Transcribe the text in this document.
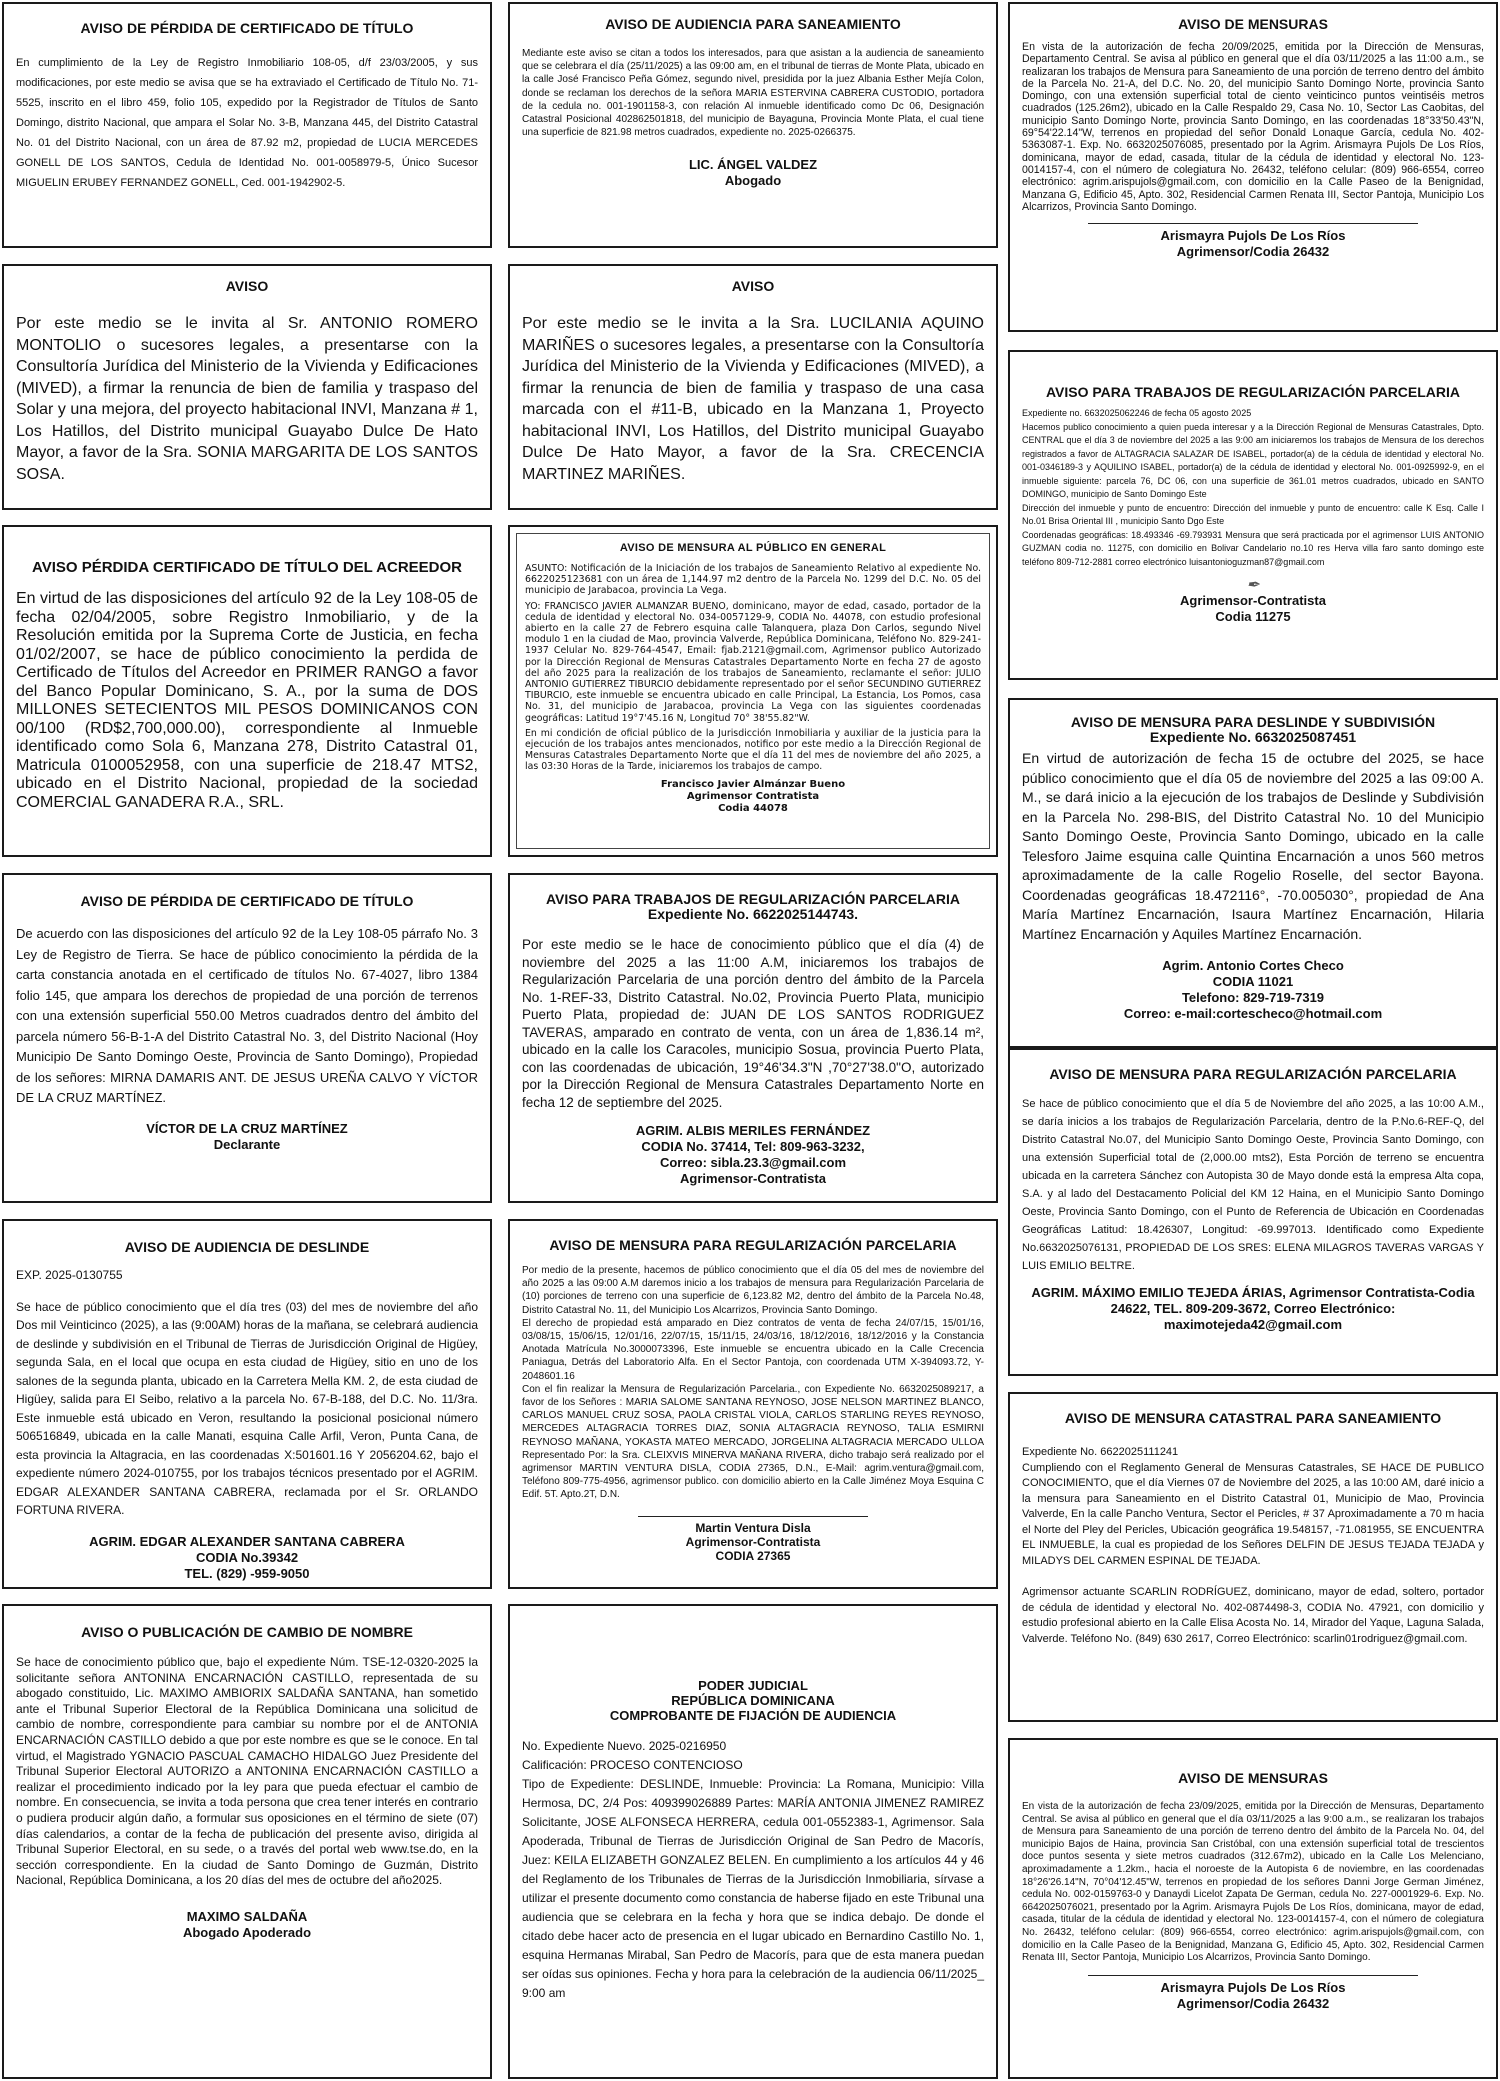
AVISO DE PÉRDIDA DE CERTIFICADO DE TÍTULO

En cumplimiento de la Ley de Registro Inmobiliario 108-05, d/f 23/03/2005, y sus modificaciones, por este medio se avisa que se ha extraviado el Certificado de Título No. 71-5525, inscrito en el libro 459, folio 105, expedido por la Registrador de Títulos de Santo Domingo, distrito Nacional, que ampara el Solar No. 3-B, Manzana 445, del Distrito Catastral No. 01 del Distrito Nacional, con un área de 87.92 m2, propiedad de LUCIA MERCEDES GONELL DE LOS SANTOS, Cedula de Identidad No. 001-0058979-5, Único Sucesor MIGUELIN ERUBEY FERNANDEZ GONELL, Ced. 001-1942902-5.

AVISO

Por este medio se le invita al Sr. ANTONIO ROMERO MONTOLIO o sucesores legales, a presentarse con la Consultoría Jurídica del Ministerio de la Vivienda y Edificaciones (MIVED), a firmar la renuncia de bien de familia y traspaso del Solar y una mejora, del proyecto habitacional INVI, Manzana # 1, Los Hatillos, del Distrito municipal Guayabo Dulce De Hato Mayor, a favor de la Sra. SONIA MARGARITA DE LOS SANTOS SOSA.

AVISO PÉRDIDA CERTIFICADO DE TÍTULO DEL ACREEDOR

En virtud de las disposiciones del artículo 92 de la Ley 108-05 de fecha 02/04/2005, sobre Registro Inmobiliario, y de la Resolución emitida por la Suprema Corte de Justicia, en fecha 01/02/2007, se hace de público conocimiento la perdida de Certificado de Títulos del Acreedor en PRIMER RANGO a favor del Banco Popular Dominicano, S. A., por la suma de DOS MILLONES SETECIENTOS MIL PESOS DOMINICANOS CON 00/100 (RD$2,700,000.00), correspondiente al Inmueble identificado como Sola 6, Manzana 278, Distrito Catastral 01, Matricula 0100052958, con una superficie de 218.47 MTS2, ubicado en el Distrito Nacional, propiedad de la sociedad COMERCIAL GANADERA R.A., SRL.

AVISO DE PÉRDIDA DE CERTIFICADO DE TÍTULO

De acuerdo con las disposiciones del artículo 92 de la Ley 108-05 párrafo No. 3 Ley de Registro de Tierra. Se hace de público conocimiento la pérdida de la carta constancia anotada en el certificado de títulos No. 67-4027, libro 1384 folio 145, que ampara los derechos de propiedad de una porción de terrenos con una extensión superficial 550.00 Metros cuadrados dentro del ámbito del parcela número 56-B-1-A del Distrito Catastral No. 3, del Distrito Nacional (Hoy Municipio De Santo Domingo Oeste, Provincia de Santo Domingo), Propiedad de los señores: MIRNA DAMARIS ANT. DE JESUS UREÑA CALVO Y VÍCTOR DE LA CRUZ MARTÍNEZ.

VÍCTOR DE LA CRUZ MARTÍNEZ
Declarante
AVISO DE AUDIENCIA DE DESLINDE

EXP. 2025-0130755

Se hace de público conocimiento que el día tres (03) del mes de noviembre del año Dos mil Veinticinco (2025), a las (9:00AM) horas de la mañana, se celebrará audiencia de deslinde y subdivisión en el Tribunal de Tierras de Jurisdicción Original de Higüey, segunda Sala, en el local que ocupa en esta ciudad de Higüey, sitio en uno de los salones de la segunda planta, ubicado en la Carretera Mella KM. 2, de esta ciudad de Higüey, salida para El Seibo, relativo a la parcela No. 67-B-188, del D.C. No. 11/3ra. Este inmueble está ubicado en Veron, resultando la posicional posicional número 506516849, ubicada en la calle Manati, esquina Calle Arfil, Veron, Punta Cana, de esta provincia la Altagracia, en las coordenadas X:501601.16 Y 2056204.62, bajo el expediente número 2024-010755, por los trabajos técnicos presentado por el AGRIM. EDGAR ALEXANDER SANTANA CABRERA, reclamada por el Sr. ORLANDO FORTUNA RIVERA.

AGRIM. EDGAR ALEXANDER SANTANA CABRERA
CODIA No.39342
TEL. (829) -959-9050
AVISO O PUBLICACIÓN DE CAMBIO DE NOMBRE

Se hace de conocimiento público que, bajo el expediente Núm. TSE-12-0320-2025 la solicitante señora ANTONINA ENCARNACIÓN CASTILLO, representada de su abogado constituido, Lic. MAXIMO AMBIORIX SALDAÑA SANTANA, han sometido ante el Tribunal Superior Electoral de la República Dominicana una solicitud de cambio de nombre, correspondiente para cambiar su nombre por el de ANTONIA ENCARNACIÓN CASTILLO debido a que por este nombre es que se le conoce. En tal virtud, el Magistrado YGNACIO PASCUAL CAMACHO HIDALGO Juez Presidente del Tribunal Superior Electoral AUTORIZO a ANTONINA ENCARNACIÓN CASTILLO a realizar el procedimiento indicado por la ley para que pueda efectuar el cambio de nombre. En consecuencia, se invita a toda persona que crea tener interés en contrario o pudiera producir algún daño, a formular sus oposiciones en el término de siete (07) días calendarios, a contar de la fecha de publicación del presente aviso, dirigida al Tribunal Superior Electoral, en su sede, o a través del portal web www.tse.do, en la sección correspondiente. En la ciudad de Santo Domingo de Guzmán, Distrito Nacional, República Dominicana, a los 20 días del mes de octubre del año2025.

MAXIMO SALDAÑA
Abogado Apoderado
AVISO DE AUDIENCIA PARA SANEAMIENTO

Mediante este aviso se citan a todos los interesados, para que asistan a la audiencia de saneamiento que se celebrara el día (25/11/2025) a las 09:00 am, en el tribunal de tierras de Monte Plata, ubicado en la calle José Francisco Peña Gómez, segundo nivel, presidida por la juez Albania Esther Mejía Colon, donde se reclaman los derechos de la señora MARIA ESTERVINA CABRERA CUSTODIO, portadora de la cedula no. 001-1901158-3, con relación Al inmueble identificado como Dc 06, Designación Catastral Posicional 402862501818, del municipio de Bayaguna, Provincia Monte Plata, el cual tiene una superficie de 821.98 metros cuadrados, expediente no. 2025-0266375.

LIC. ÁNGEL VALDEZ
Abogado
AVISO

Por este medio se le invita a la Sra. LUCILANIA AQUINO MARIÑES o sucesores legales, a presentarse con la Consultoría Jurídica del Ministerio de la Vivienda y Edificaciones (MIVED), a firmar la renuncia de bien de familia y traspaso de una casa marcada con el #11-B, ubicado en la Manzana 1, Proyecto habitacional INVI, Los Hatillos, del Distrito municipal Guayabo Dulce De Hato Mayor, a favor de la Sra. CRECENCIA MARTINEZ MARIÑES.

AVISO DE MENSURA AL PÚBLICO EN GENERAL

ASUNTO: Notificación de la Iniciación de los trabajos de Saneamiento Relativo al expediente No. 6622025123681 con un área de 1,144.97 m2 dentro de la Parcela No. 1299 del D.C. No. 05 del municipio de Jarabacoa, provincia La Vega.

YO: FRANCISCO JAVIER ALMANZAR BUENO, dominicano, mayor de edad, casado, portador de la cedula de identidad y electoral No. 034-0057129-9, CODIA No. 44078, con estudio profesional abierto en la calle 27 de Febrero esquina calle Talanquera, plaza Don Carlos, segundo Nivel modulo 1 en la ciudad de Mao, provincia Valverde, República Dominicana, Teléfono No. 829-241-1937 Celular No. 829-764-4547, Email: fjab.2121@gmail.com, Agrimensor publico Autorizado por la Dirección Regional de Mensuras Catastrales Departamento Norte en fecha 27 de agosto del año 2025 para la realización de los trabajos de Saneamiento, reclamante el señor: JULIO ANTONIO GUTIERREZ TIBURCIO debidamente representado por el señor SECUNDINO GUTIERREZ TIBURCIO, este inmueble se encuentra ubicado en calle Principal, La Estancia, Los Pomos, casa No. 31, del municipio de Jarabacoa, provincia La Vega con las siguientes coordenadas geográficas: Latitud 19°7'45.16 N, Longitud 70° 38'55.82"W.

En mi condición de oficial público de la Jurisdicción Inmobiliaria y auxiliar de la justicia para la ejecución de los trabajos antes mencionados, notifico por este medio a la Dirección Regional de Mensuras Catastrales Departamento Norte que el día 11 del mes de noviembre del año 2025, a las 03:30 Horas de la Tarde, iniciaremos los trabajos de campo.

Francisco Javier Almánzar Bueno
Agrimensor Contratista
Codia 44078
AVISO PARA TRABAJOS DE REGULARIZACIÓN PARCELARIA
Expediente No. 6622025144743.

Por este medio se le hace de conocimiento público que el día (4) de noviembre del 2025 a las 11:00 A.M, iniciaremos los trabajos de Regularización Parcelaria de una porción dentro del ámbito de la Parcela No. 1-REF-33, Distrito Catastral. No.02, Provincia Puerto Plata, municipio Puerto Plata, propiedad de: JUAN DE LOS SANTOS RODRIGUEZ TAVERAS, amparado en contrato de venta, con un área de 1,836.14 m², ubicado en la calle los Caracoles, municipio Sosua, provincia Puerto Plata, con las coordenadas de ubicación, 19°46'34.3"N ,70°27'38.0"O, autorizado por la Dirección Regional de Mensura Catastrales Departamento Norte en fecha 12 de septiembre del 2025.

AGRIM. ALBIS MERILES FERNÁNDEZ
CODIA No. 37414, Tel: 809-963-3232,
Correo: sibla.23.3@gmail.com
Agrimensor-Contratista
AVISO DE MENSURA PARA REGULARIZACIÓN PARCELARIA

Por medio de la presente, hacemos de público conocimiento que el día 05 del mes de noviembre del año 2025 a las 09:00 A.M daremos inicio a los trabajos de mensura para Regularización Parcelaria de (10) porciones de terreno con una superficie de 6,123.82 M2, dentro del ámbito de la Parcela No.48, Distrito Catastral No. 11, del Municipio Los Alcarrizos, Provincia Santo Domingo.

El derecho de propiedad está amparado en Diez contratos de venta de fecha 24/07/15, 15/01/16, 03/08/15, 15/06/15, 12/01/16, 22/07/15, 15/11/15, 24/03/16, 18/12/2016, 18/12/2016 y la Constancia Anotada Matrícula No.3000073396, Este inmueble se encuentra ubicado en la Calle Crecencia Paniagua, Detrás del Laboratorio Alfa. En el Sector Pantoja, con coordenada UTM X-394093.72, Y-2048601.16

Con el fin realizar la Mensura de Regularización Parcelaria., con Expediente No. 6632025089217, a favor de los Señores : MARIA SALOME SANTANA REYNOSO, JOSE NELSON MARTINEZ BLANCO, CARLOS MANUEL CRUZ SOSA, PAOLA CRISTAL VIOLA, CARLOS STARLING REYES REYNOSO, MERCEDES ALTAGRACIA TORRES DIAZ, SONIA ALTAGRACIA REYNOSO, TALIA ESMIRNI REYNOSO MAÑANA, YOKASTA MATEO MERCADO, JORGELINA ALTAGRACIA MERCADO ULLOA Representado Por: la Sra. CLEIXVIS MINERVA MAÑANA RIVERA, dicho trabajo será realizado por el agrimensor MARTIN VENTURA DISLA, CODIA 27365, D.N., E-Mail: agrim.ventura@gmail.com, Teléfono 809-775-4956, agrimensor publico. con domicilio abierto en la Calle Jiménez Moya Esquina C Edif. 5T. Apto.2T, D.N.

Martin Ventura Disla
Agrimensor-Contratista
CODIA 27365
PODER JUDICIAL
REPÚBLICA DOMINICANA
COMPROBANTE DE FIJACIÓN DE AUDIENCIA

No. Expediente Nuevo. 2025-0216950
Calificación: PROCESO CONTENCIOSO
Tipo de Expediente: DESLINDE, Inmueble: Provincia: La Romana, Municipio: Villa Hermosa, DC, 2/4 Pos: 409399026889 Partes: MARÍA ANTONIA JIMENEZ RAMIREZ Solicitante, JOSE ALFONSECA HERRERA, cedula 001-0552383-1, Agrimensor. Sala Apoderada, Tribunal de Tierras de Jurisdicción Original de San Pedro de Macorís, Juez: KEILA ELIZABETH GONZALEZ BELEN. En cumplimiento a los artículos 44 y 46 del Reglamento de los Tribunales de Tierras de la Jurisdicción Inmobiliaria, sírvase a utilizar el presente documento como constancia de haberse fijado en este Tribunal una audiencia que se celebrara en la fecha y hora que se indica debajo. De donde el citado debe hacer acto de presencia en el lugar ubicado en Bernardino Castillo No. 1, esquina Hermanas Mirabal, San Pedro de Macorís, para que de esta manera puedan ser oídas sus opiniones. Fecha y hora para la celebración de la audiencia 06/11/2025_ 9:00 am

AVISO DE MENSURAS

En vista de la autorización de fecha 20/09/2025, emitida por la Dirección de Mensuras, Departamento Central. Se avisa al público en general que el día 03/11/2025 a las 11:00 a.m., se realizaran los trabajos de Mensura para Saneamiento de una porción de terreno dentro del ámbito de la Parcela No. 21-A, del D.C. No. 20, del municipio Santo Domingo Norte, provincia Santo Domingo, con una extensión superficial total de ciento veinticinco puntos veintiséis metros cuadrados (125.26m2), ubicado en la Calle Respaldo 29, Casa No. 10, Sector Las Caobitas, del municipio Santo Domingo Norte, provincia Santo Domingo, en las coordenadas 18°33'50.43"N, 69°54'22.14"W, terrenos en propiedad del señor Donald Lonaque García, cedula No. 402-5363087-1. Exp. No. 6632025076085, presentado por la Agrim. Arismayra Pujols De Los Ríos, dominicana, mayor de edad, casada, titular de la cédula de identidad y electoral No. 123-0014157-4, con el número de colegiatura No. 26432, teléfono celular: (809) 966-6554, correo electrónico: agrim.arispujols@gmail.com, con domicilio en la Calle Paseo de la Benignidad, Manzana G, Edificio 45, Apto. 302, Residencial Carmen Renata III, Sector Pantoja, Municipio Los Alcarrizos, Provincia Santo Domingo.

Arismayra Pujols De Los Ríos
Agrimensor/Codia 26432
AVISO PARA TRABAJOS DE REGULARIZACIÓN PARCELARIA

Expediente no. 6632025062246 de fecha 05 agosto 2025
Hacemos publico conocimiento a quien pueda interesar y a la Dirección Regional de Mensuras Catastrales, Dpto. CENTRAL que el día 3 de noviembre del 2025 a las 9:00 am iniciaremos los trabajos de Mensura de los derechos registrados a favor de ALTAGRACIA SALAZAR DE ISABEL, portador(a) de la cédula de identidad y electoral No. 001-0346189-3 y AQUILINO ISABEL, portador(a) de la cédula de identidad y electoral No. 001-0925992-9, en el inmueble siguiente: parcela 76, DC 06, con una superficie de 361.01 metros cuadrados, ubicado en SANTO DOMINGO, municipio de Santo Domingo Este
Dirección del inmueble y punto de encuentro: Dirección del inmueble y punto de encuentro: calle K Esq. Calle I No.01 Brisa Oriental III , municipio Santo Dgo Este
Coordenadas geográficas: 18.493346 -69.793931 Mensura que será practicada por el agrimensor LUIS ANTONIO GUZMAN codia no. 11275, con domicilio en Bolivar Candelario no.10 res Herva villa faro santo domingo este teléfono 809-712-2881 correo electrónico luisantonioguzman87@gmail.com

✒
Agrimensor-Contratista
Codia 11275
AVISO DE MENSURA PARA DESLINDE Y SUBDIVISIÓN
Expediente No. 6632025087451

En virtud de autorización de fecha 15 de octubre del 2025, se hace público conocimiento que el día 05 de noviembre del 2025 a las 09:00 A. M., se dará inicio a la ejecución de los trabajos de Deslinde y Subdivisión en la Parcela No. 298-BIS, del Distrito Catastral No. 10 del Municipio Santo Domingo Oeste, Provincia Santo Domingo, ubicado en la calle Telesforo Jaime esquina calle Quintina Encarnación a unos 560 metros aproximadamente de la calle Rogelio Roselle, del sector Bayona. Coordenadas geográficas 18.472116°, -70.005030°, propiedad de Ana María Martínez Encarnación, Isaura Martínez Encarnación, Hilaria Martínez Encarnación y Aquiles Martínez Encarnación.

Agrim. Antonio Cortes Checo
CODIA 11021
Telefono: 829-719-7319
Correo: e-mail:cortescheco@hotmail.com
AVISO DE MENSURA PARA REGULARIZACIÓN PARCELARIA

Se hace de público conocimiento que el día 5 de Noviembre del año 2025, a las 10:00 A.M., se daría inicios a los trabajos de Regularización Parcelaria, dentro de la P.No.6-REF-Q, del Distrito Catastral No.07, del Municipio Santo Domingo Oeste, Provincia Santo Domingo, con una extensión Superficial total de (2,000.00 mts2), Esta Porción de terreno se encuentra ubicada en la carretera Sánchez con Autopista 30 de Mayo donde está la empresa Alta copa, S.A. y al lado del Destacamento Policial del KM 12 Haina, en el Municipio Santo Domingo Oeste, Provincia Santo Domingo, con el Punto de Referencia de Ubicación en Coordenadas Geográficas Latitud: 18.426307, Longitud: -69.997013. Identificado como Expediente No.6632025076131, PROPIEDAD DE LOS SRES: ELENA MILAGROS TAVERAS VARGAS Y LUIS EMILIO BELTRE.

AGRIM. MÁXIMO EMILIO TEJEDA ÁRIAS, Agrimensor Contratista-Codia 24622, TEL. 809-209-3672, Correo Electrónico:
maximotejeda42@gmail.com
AVISO DE MENSURA CATASTRAL PARA SANEAMIENTO

Expediente No. 6622025111241
Cumpliendo con el Reglamento General de Mensuras Catastrales, SE HACE DE PUBLICO CONOCIMIENTO, que el día Viernes 07 de Noviembre del 2025, a las 10:00 AM, daré inicio a la mensura para Saneamiento en el Distrito Catastral 01, Municipio de Mao, Provincia Valverde, En la calle Pancho Ventura, Sector el Pericles, # 37 Aproximadamente a 70 m hacia el Norte del Pley del Pericles, Ubicación geográfica 19.548157, -71.081955, SE ENCUENTRA EL INMUEBLE, la cual es propiedad de los Señores DELFIN DE JESUS TEJADA TEJADA y MILADYS DEL CARMEN ESPINAL DE TEJADA.

Agrimensor actuante SCARLIN RODRÍGUEZ, dominicano, mayor de edad, soltero, portador de cédula de identidad y electoral No. 402-0874498-3, CODIA No. 47921, con domicilio y estudio profesional abierto en la Calle Elisa Acosta No. 14, Mirador del Yaque, Laguna Salada, Valverde. Teléfono No. (849) 630 2617, Correo Electrónico: scarlin01rodriguez@gmail.com.

AVISO DE MENSURAS

En vista de la autorización de fecha 23/09/2025, emitida por la Dirección de Mensuras, Departamento Central. Se avisa al público en general que el día 03/11/2025 a las 9:00 a.m., se realizaran los trabajos de Mensura para Saneamiento de una porción de terreno dentro del ámbito de la Parcela No. 04, del municipio Bajos de Haina, provincia San Cristóbal, con una extensión superficial total de trescientos doce puntos sesenta y siete metros cuadrados (312.67m2), ubicado en la Calle Los Melenciano, aproximadamente a 1.2km., hacia el noroeste de la Autopista 6 de noviembre, en las coordenadas 18°26'26.14"N, 70°04'12.45"W, terrenos en propiedad de los señores Danni Jorge German Jiménez, cedula No. 002-0159763-0 y Danaydi Licelot Zapata De German, cedula No. 227-0001929-6. Exp. No. 6642025076021, presentado por la Agrim. Arismayra Pujols De Los Ríos, dominicana, mayor de edad, casada, titular de la cédula de identidad y electoral No. 123-0014157-4, con el número de colegiatura No. 26432, teléfono celular: (809) 966-6554, correo electrónico: agrim.arispujols@gmail.com, con domicilio en la Calle Paseo de la Benignidad, Manzana G, Edificio 45, Apto. 302, Residencial Carmen Renata III, Sector Pantoja, Municipio Los Alcarrizos, Provincia Santo Domingo.

Arismayra Pujols De Los Ríos
Agrimensor/Codia 26432
